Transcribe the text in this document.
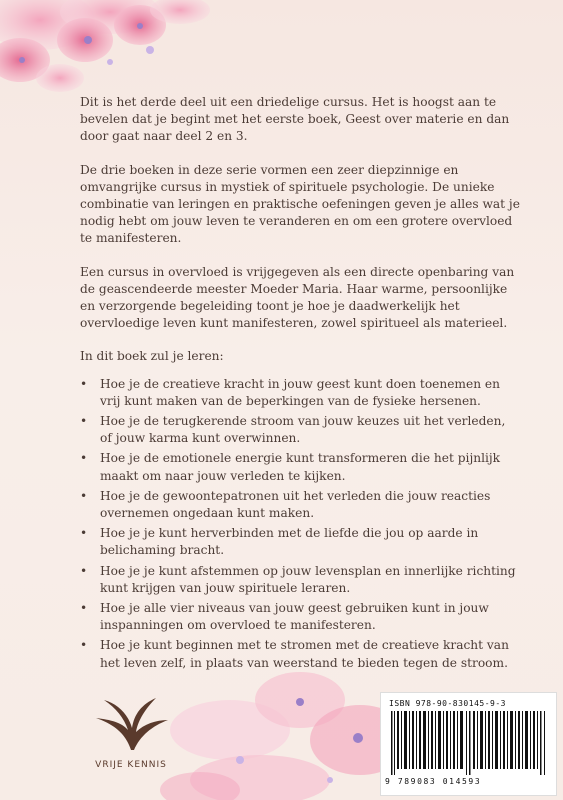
Dit is het derde deel uit een driedelige cursus. Het is hoogst aan te bevelen dat je begint met het eerste boek, Geest over materie en dan door gaat naar deel 2 en 3.

De drie boeken in deze serie vormen een zeer diepzinnige en omvangrijke cursus in mystiek of spirituele psychologie. De unieke combinatie van leringen en praktische oefeningen geven je alles wat je nodig hebt om jouw leven te veranderen en om een grotere overvloed te manifesteren.

Een cursus in overvloed is vrijgegeven als een directe openbaring van de geascendeerde meester Moeder Maria. Haar warme, persoonlijke en verzorgende begeleiding toont je hoe je daadwerkelijk het overvloedige leven kunt manifesteren, zowel spiritueel als materieel.

In dit boek zul je leren:

• Hoe je de creatieve kracht in jouw geest kunt doen toenemen en vrij kunt maken van de beperkingen van de fysieke hersenen.
• Hoe je de terugkerende stroom van jouw keuzes uit het verleden, of jouw karma kunt overwinnen.
• Hoe je de emotionele energie kunt transformeren die het pijnlijk maakt om naar jouw verleden te kijken.
• Hoe je de gewoontepatronen uit het verleden die jouw reacties overnemen ongedaan kunt maken.
• Hoe je je kunt herverbinden met de liefde die jou op aarde in belichaming bracht.
• Hoe je je kunt afstemmen op jouw levensplan en innerlijke richting kunt krijgen van jouw spirituele leraren.
• Hoe je alle vier niveaus van jouw geest gebruiken kunt in jouw inspanningen om overvloed te manifesteren.
• Hoe je kunt beginnen met te stromen met de creatieve kracht van het leven zelf, in plaats van weerstand te bieden tegen de stroom.
VRIJE KENNIS
ISBN 978-90-830145-9-3
9 789083 014593
